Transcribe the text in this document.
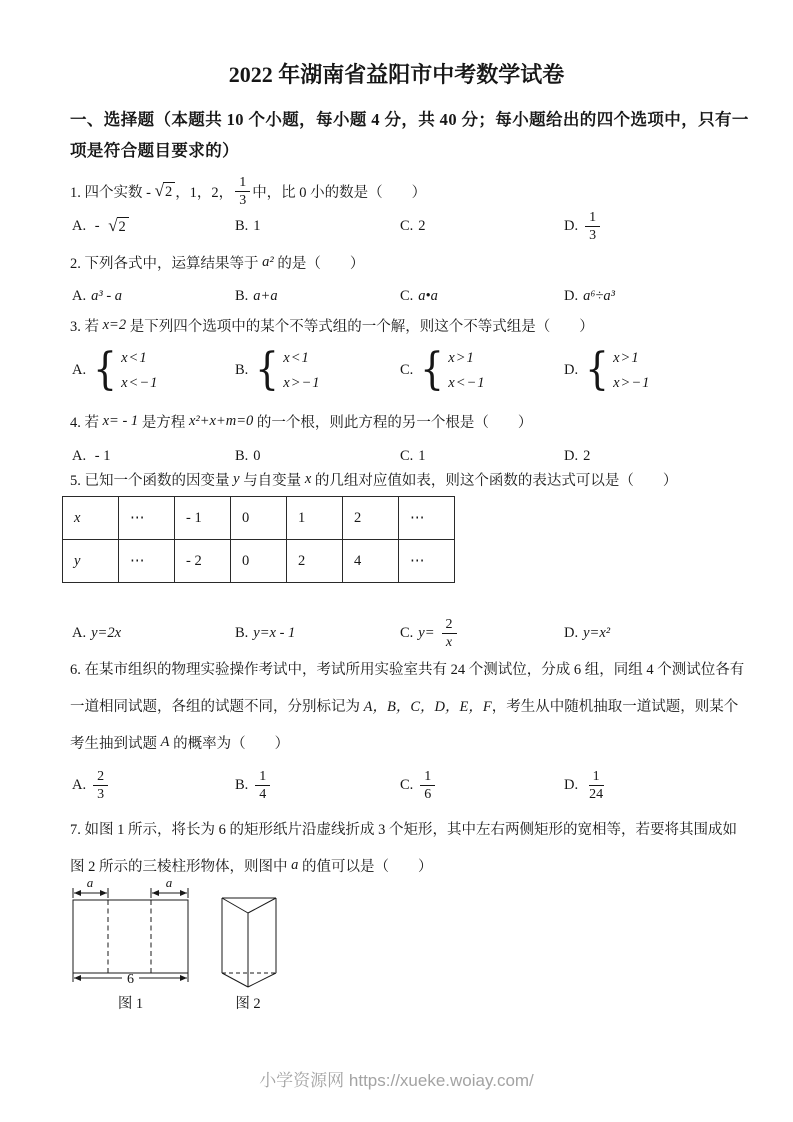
2022 年湖南省益阳市中考数学试卷
一、选择题（本题共 10 个小题，每小题 4 分，共 40 分；每小题给出的四个选项中，只有一
项是符合题目要求的）
1. 四个实数 - √ 2 ，1，2， $\frac{1}{3}$ 中，比 0 小的数是（　　）
A. - √ 2	B. 1	C. 2	D. $\frac{1}{3}$
2. 下列各式中，运算结果等于 a² 的是（　　）
A. a³ - a	B. a+a	C. a•a	D. a⁶÷a³
3. 若 x=2 是下列四个选项中的某个不等式组的一个解，则这个不等式组是（　　）
A. { x<1
x<−1
B. { x<1
x>−1
C. { x>1
x<−1
D. { x>1
x>−1
4. 若 x= - 1 是方程 x²+x+m=0 的一个根，则此方程的另一个根是（　　）
A. - 1	B. 0	C. 1	D. 2
5. 已知一个函数的因变量 y 与自变量 x 的几组对应值如表，则这个函数的表达式可以是（　　）
x	⋯	- 1	0	1	2	⋯
y	⋯	- 2	0	2	4	⋯
A. y=2x	B. y=x - 1	C. $y= \frac{2}{x}$	D. y=x²
6. 在某市组织的物理实验操作考试中，考试所用实验室共有 24 个测试位，分成 6 组，同组 4 个测试位各有
一道相同试题，各组的试题不同，分别标记为 A，B，C，D，E，F ，考生从中随机抽取一道试题，则某个
考生抽到试题 A 的概率为（　　）
A. $\frac{2}{3}$	B. $\frac{1}{4}$	C. $\frac{1}{6}$	D. $\frac{1}{24}$
7. 如图 1 所示，将长为 6 的矩形纸片沿虚线折成 3 个矩形，其中左右两侧矩形的宽相等，若要将其围成如
图 2 所示的三棱柱形物体，则图中 a 的值可以是（　　）
a	a
6
图 1	图 2
小学资源网 https://xueke.woiay.com/
